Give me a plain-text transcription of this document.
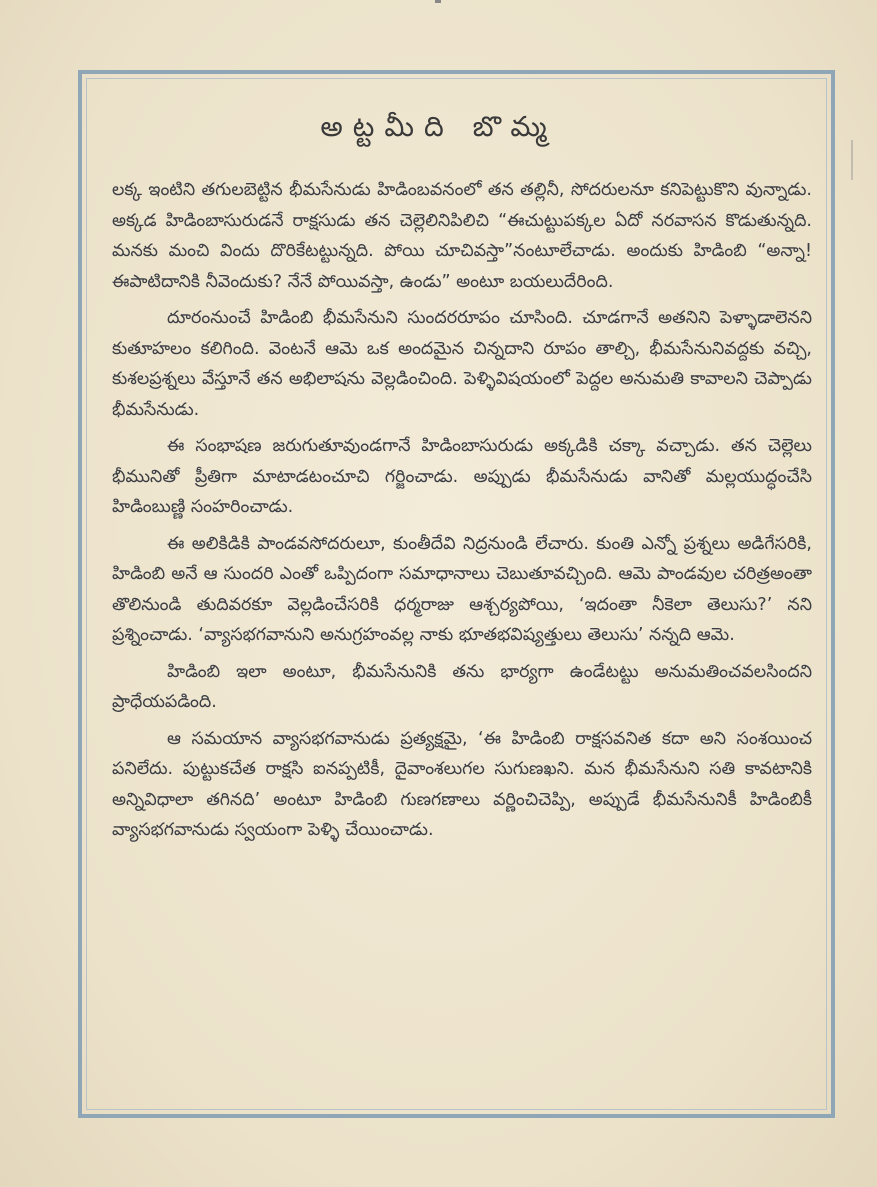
అట్టమీది బొమ్మ

లక్క ఇంటిని తగులబెట్టిన భీమసేనుడు హిడింబవనంలో తన తల్లినీ, సోదరులనూ కనిపెట్టుకొని వున్నాడు. అక్కడ హిడింబాసురుడనే రాక్షసుడు తన చెల్లెలినిపిలిచి “ఈచుట్టుపక్కల ఏదో నరవాసన కొడుతున్నది. మనకు మంచి విందు దొరికేటట్టున్నది. పోయి చూచివస్తా”నంటూలేచాడు. అందుకు హిడింబి “అన్నా! ఈపాటిదానికి నీవెందుకు? నేనే పోయివస్తా, ఉండు” అంటూ బయలుదేరింది.

దూరంనుంచే హిడింబి భీమసేనుని సుందరరూపం చూసింది. చూడగానే అతనిని పెళ్ళాడాలెనని కుతూహలం కలిగింది. వెంటనే ఆమె ఒక అందమైన చిన్నదాని రూపం తాల్చి, భీమసేనునివద్దకు వచ్చి, కుశలప్రశ్నలు వేస్తూనే తన అభిలాషను వెల్లడించింది. పెళ్ళివిషయంలో పెద్దల అనుమతి కావాలని చెప్పాడు భీమసేనుడు.

ఈ సంభాషణ జరుగుతూవుండగానే హిడింబాసురుడు అక్కడికి చక్కా వచ్చాడు. తన చెల్లెలు భీమునితో ప్రీతిగా మాటాడటంచూచి గర్జించాడు. అప్పుడు భీమసేనుడు వానితో మల్లయుద్ధంచేసి హిడింబుణ్ణి సంహరించాడు.

ఈ అలికిడికి పాండవసోదరులూ, కుంతీదేవి నిద్రనుండి లేచారు. కుంతి ఎన్నో ప్రశ్నలు అడిగేసరికి, హిడింబి అనే ఆ సుందరి ఎంతో ఒప్పిదంగా సమాధానాలు చెబుతూవచ్చింది. ఆమె పాండవుల చరిత్రఅంతా తొలినుండి తుదివరకూ వెల్లడించేసరికి ధర్మరాజు ఆశ్చర్యపోయి, ‘ఇదంతా నీకెలా తెలుసు?’ నని ప్రశ్నించాడు. ‘వ్యాసభగవానుని అనుగ్రహంవల్ల నాకు భూతభవిష్యత్తులు తెలుసు’ నన్నది ఆమె.

హిడింబి ఇలా అంటూ, భీమసేనునికి తను భార్యగా ఉండేటట్టు అనుమతించవలసిందని ప్రాధేయపడింది.

ఆ సమయాన వ్యాసభగవానుడు ప్రత్యక్షమై, ‘ఈ హిడింబి రాక్షసవనిత కదా అని సంశయించ పనిలేదు. పుట్టుకచేత రాక్షసి ఐనప్పటికీ, దైవాంశలుగల సుగుణఖని. మన భీమసేనుని సతి కావటానికి అన్నివిధాలా తగినది’ అంటూ హిడింబి గుణగణాలు వర్ణించిచెప్పి, అప్పుడే భీమసేనునికీ హిడింబికీ వ్యాసభగవానుడు స్వయంగా పెళ్ళి చేయించాడు.
